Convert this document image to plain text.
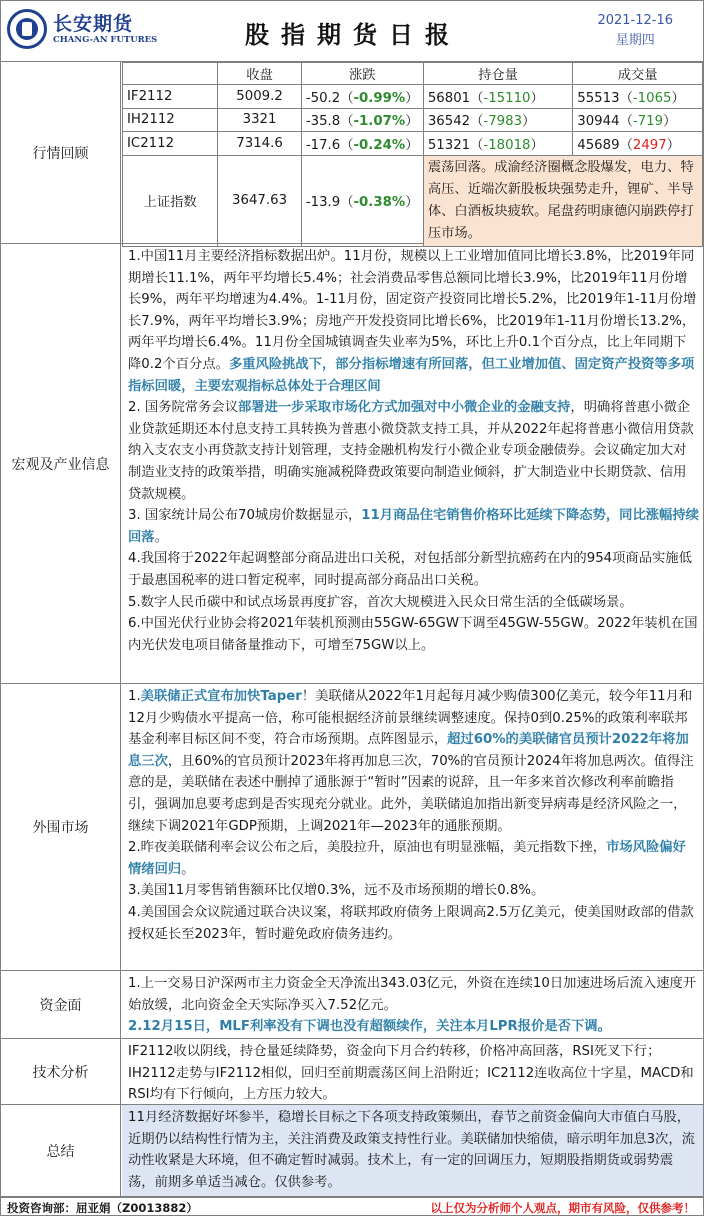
长安期货
CHANG-AN FUTURES	股指期货日报
2021-12-16
星期四
行情回顾
	收盘	涨跌	持仓量	成交量
IF2112	5009.2	-50.2（-0.99%）	56801（-15110）	55513（-1065）
IH2112	3321	-35.8（-1.07%）	36542（-7983）	30944（-719）
IC2112	7314.6	-17.6（-0.24%）	51321（-18018）	45689（2497）
上证指数	3647.63	-13.9（-0.38%）	震荡回落。成渝经济圈概念股爆发，电力、特高压、近端次新股板块强势走升，锂矿、半导体、白酒板块疲软。尾盘药明康德闪崩跌停打压市场。	
宏观及产业信息

1.中国11月主要经济指标数据出炉。11月份，规模以上工业增加值同比增长3.8%，比2019年同期增长11.1%，两年平均增长5.4%；社会消费品零售总额同比增长3.9%，比2019年11月份增长9%，两年平均增速为4.4%。1-11月份，固定资产投资同比增长5.2%，比2019年1-11月份增长7.9%，两年平均增长3.9%；房地产开发投资同比增长6%，比2019年1-11月份增长13.2%，两年平均增长6.4%。11月份全国城镇调查失业率为5%，环比上升0.1个百分点，比上年同期下降0.2个百分点。多重风险挑战下，部分指标增速有所回落，但工业增加值、固定资产投资等多项指标回暖，主要宏观指标总体处于合理区间

2. 国务院常务会议部署进一步采取市场化方式加强对中小微企业的金融支持，明确将普惠小微企业贷款延期还本付息支持工具转换为普惠小微贷款支持工具，并从2022年起将普惠小微信用贷款纳入支农支小再贷款支持计划管理，支持金融机构发行小微企业专项金融债券。会议确定加大对制造业支持的政策举措，明确实施减税降费政策要向制造业倾斜，扩大制造业中长期贷款、信用贷款规模。

3. 国家统计局公布70城房价数据显示，11月商品住宅销售价格环比延续下降态势，同比涨幅持续回落。

4.我国将于2022年起调整部分商品进出口关税，对包括部分新型抗癌药在内的954项商品实施低于最惠国税率的进口暂定税率，同时提高部分商品出口关税。

5.数字人民币碳中和试点场景再度扩容，首次大规模进入民众日常生活的全低碳场景。

6.中国光伏行业协会将2021年装机预测由55GW-65GW下调至45GW-55GW。2022年装机在国内光伏发电项目储备量推动下，可增至75GW以上。

外围市场

1.美联储正式宣布加快Taper！美联储从2022年1月起每月减少购债300亿美元，较今年11月和12月少购债水平提高一倍，称可能根据经济前景继续调整速度。保持0到0.25%的政策利率联邦基金利率目标区间不变，符合市场预期。点阵图显示，超过60%的美联储官员预计2022年将加息三次，且60%的官员预计2023年将再加息三次，70%的官员预计2024年将加息两次。值得注意的是，美联储在表述中删掉了通胀源于“暂时”因素的说辞，且一年多来首次修改利率前瞻指引，强调加息要考虑到是否实现充分就业。此外，美联储追加指出新变异病毒是经济风险之一，继续下调2021年GDP预期，上调2021年—2023年的通胀预期。

2.昨夜美联储利率会议公布之后，美股拉升，原油也有明显涨幅，美元指数下挫，市场风险偏好情绪回归。

3.美国11月零售销售额环比仅增0.3%，远不及市场预期的增长0.8%。

4.美国国会众议院通过联合决议案，将联邦政府债务上限调高2.5万亿美元，使美国财政部的借款授权延长至2023年，暂时避免政府债务违约。

资金面

1.上一交易日沪深两市主力资金全天净流出343.03亿元，外资在连续10日加速进场后流入速度开始放缓，北向资金全天实际净买入7.52亿元。

2.12月15日，MLF利率没有下调也没有超额续作，关注本月LPR报价是否下调。

技术分析

IF2112收以阴线，持仓量延续降势，资金向下月合约转移，价格冲高回落，RSI死叉下行；IH2112走势与IF2112相似，回归至前期震荡区间上沿附近；IC2112连收高位十字星，MACD和RSI均有下行倾向，上方压力较大。

总结

11月经济数据好坏参半，稳增长目标之下各项支持政策频出，春节之前资金偏向大市值白马股，近期仍以结构性行情为主，关注消费及政策支持性行业。美联储加快缩债，暗示明年加息3次，流动性收紧是大环境，但不确定暂时减弱。技术上，有一定的回调压力，短期股指期货或弱势震荡，前期多单适当减仓。仅供参考。

投资咨询部：屈亚娟（Z0013882）	以上仅为分析师个人观点，期市有风险，仅供参考！
